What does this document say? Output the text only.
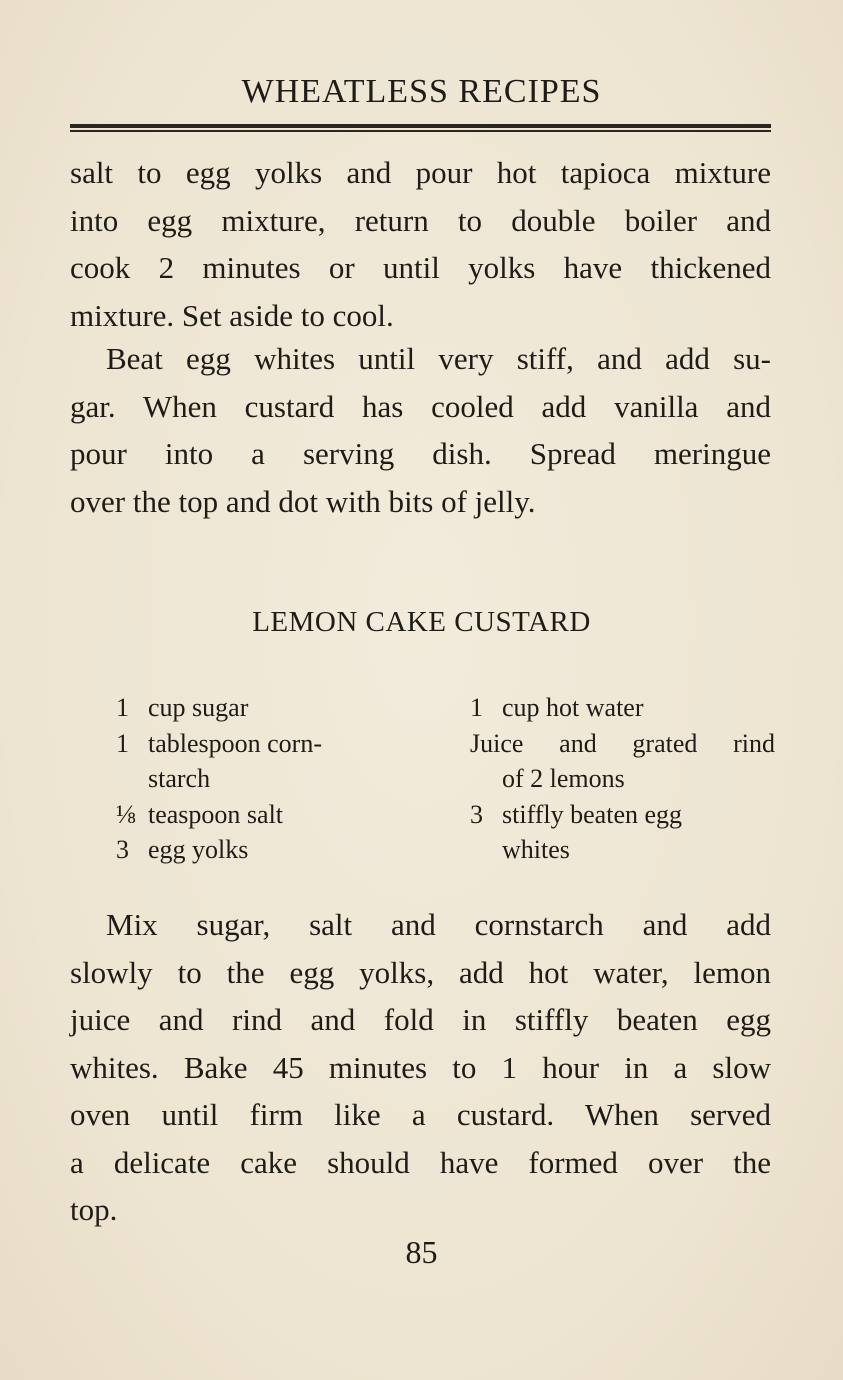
WHEATLESS RECIPES
salt to egg yolks and pour hot tapioca mixture
into egg mixture, return to double boiler and
cook 2 minutes or until yolks have thickened
mixture. Set aside to cool.
Beat egg whites until very stiff, and add su-
gar. When custard has cooled add vanilla and
pour into a serving dish. Spread meringue
over the top and dot with bits of jelly.
LEMON CAKE CUSTARD
1 cup sugar
1 tablespoon corn-
starch
⅛ teaspoon salt
3 egg yolks
1 cup hot water
Juice and grated rind
of 2 lemons
3 stiffly beaten egg
whites
Mix sugar, salt and cornstarch and add
slowly to the egg yolks, add hot water, lemon
juice and rind and fold in stiffly beaten egg
whites. Bake 45 minutes to 1 hour in a slow
oven until firm like a custard. When served
a delicate cake should have formed over the
top.
85
